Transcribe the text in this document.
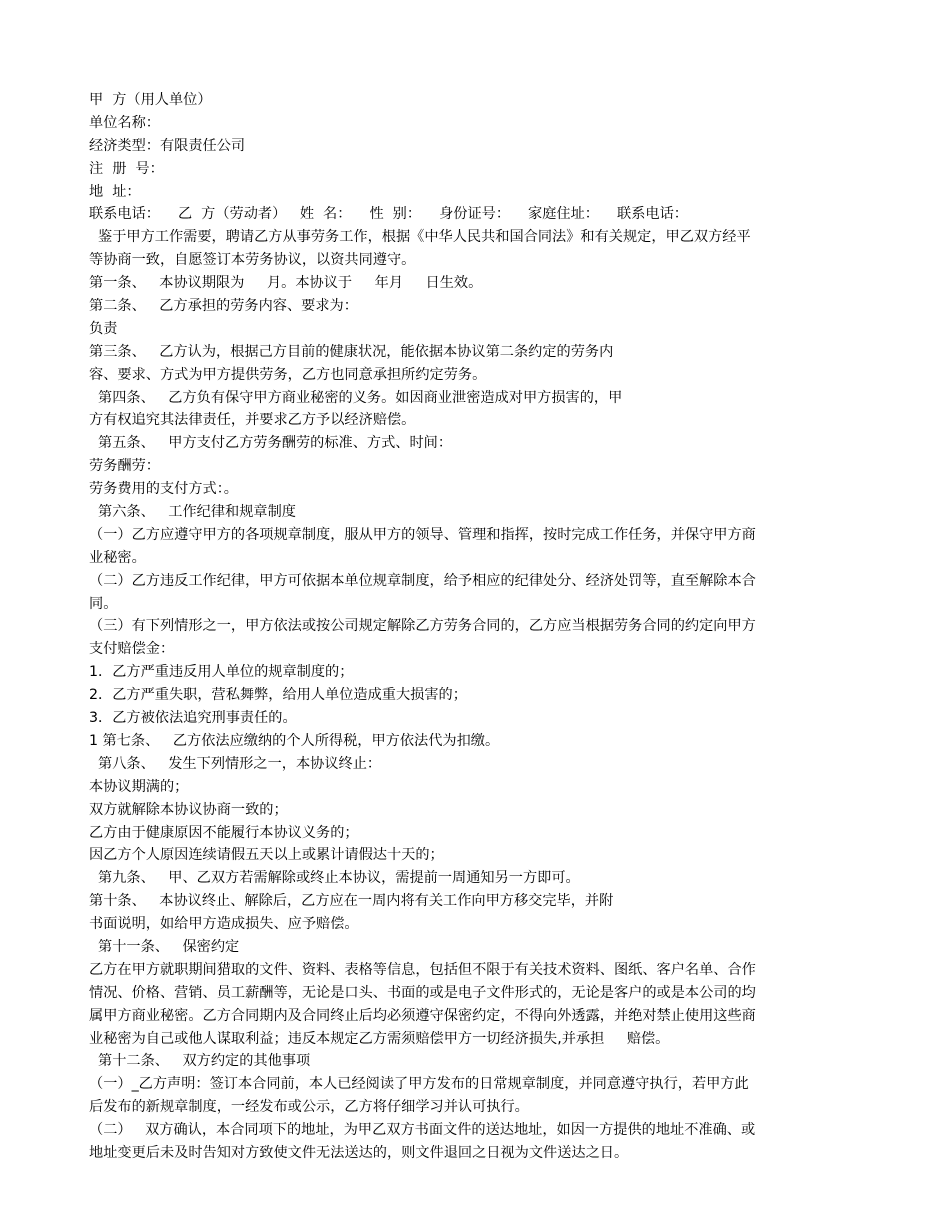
甲  方（用人单位）
单位名称：
经济类型：有限责任公司
注  册  号：
地  址：
联系电话：    乙  方（劳动者）   姓  名：    性  别：    身份证号：    家庭住址：    联系电话：
鉴于甲方工作需要，聘请乙方从事劳务工作，根据《中华人民共和国合同法》和有关规定，甲乙双方经平
等协商一致，自愿签订本劳务协议，以资共同遵守。
第一条、   本协议期限为     月。本协议于     年月     日生效。
第二条、   乙方承担的劳务内容、要求为：
负责
第三条、   乙方认为，根据己方目前的健康状况，能依据本协议第二条约定的劳务内
容、要求、方式为甲方提供劳务，乙方也同意承担所约定劳务。
第四条、   乙方负有保守甲方商业秘密的义务。如因商业泄密造成对甲方损害的，甲
方有权追究其法律责任，并要求乙方予以经济赔偿。
第五条、   甲方支付乙方劳务酬劳的标准、方式、时间：
劳务酬劳：
劳务费用的支付方式：。
第六条、   工作纪律和规章制度
（一）乙方应遵守甲方的各项规章制度，服从甲方的领导、管理和指挥，按时完成工作任务，并保守甲方商
业秘密。
（二）乙方违反工作纪律，甲方可依据本单位规章制度，给予相应的纪律处分、经济处罚等，直至解除本合
同。
（三）有下列情形之一，甲方依法或按公司规定解除乙方劳务合同的，乙方应当根据劳务合同的约定向甲方
支付赔偿金：
1．乙方严重违反用人单位的规章制度的；
2．乙方严重失职，营私舞弊，给用人单位造成重大损害的；
3．乙方被依法追究刑事责任的。
1 第七条、   乙方依法应缴纳的个人所得税，甲方依法代为扣缴。
第八条、   发生下列情形之一，本协议终止：
本协议期满的；
双方就解除本协议协商一致的；
乙方由于健康原因不能履行本协议义务的；
因乙方个人原因连续请假五天以上或累计请假达十天的；
第九条、   甲、乙双方若需解除或终止本协议，需提前一周通知另一方即可。
第十条、   本协议终止、解除后，乙方应在一周内将有关工作向甲方移交完毕，并附
书面说明，如给甲方造成损失、应予赔偿。
第十一条、   保密约定
乙方在甲方就职期间猎取的文件、资料、表格等信息，包括但不限于有关技术资料、图纸、客户名单、合作
情况、价格、营销、员工薪酬等，无论是口头、书面的或是电子文件形式的，无论是客户的或是本公司的均
属甲方商业秘密。乙方合同期内及合同终止后均必须遵守保密约定，不得向外透露，并绝对禁止使用这些商
业秘密为自己或他人谋取利益；违反本规定乙方需须赔偿甲方一切经济损失,并承担     赔偿。
第十二条、   双方约定的其他事项
（一）_乙方声明：签订本合同前，本人已经阅读了甲方发布的日常规章制度，并同意遵守执行，若甲方此
后发布的新规章制度，一经发布或公示，乙方将仔细学习并认可执行。
（二）   双方确认，本合同项下的地址，为甲乙双方书面文件的送达地址，如因一方提供的地址不准确、或
地址变更后未及时告知对方致使文件无法送达的，则文件退回之日视为文件送达之日。
